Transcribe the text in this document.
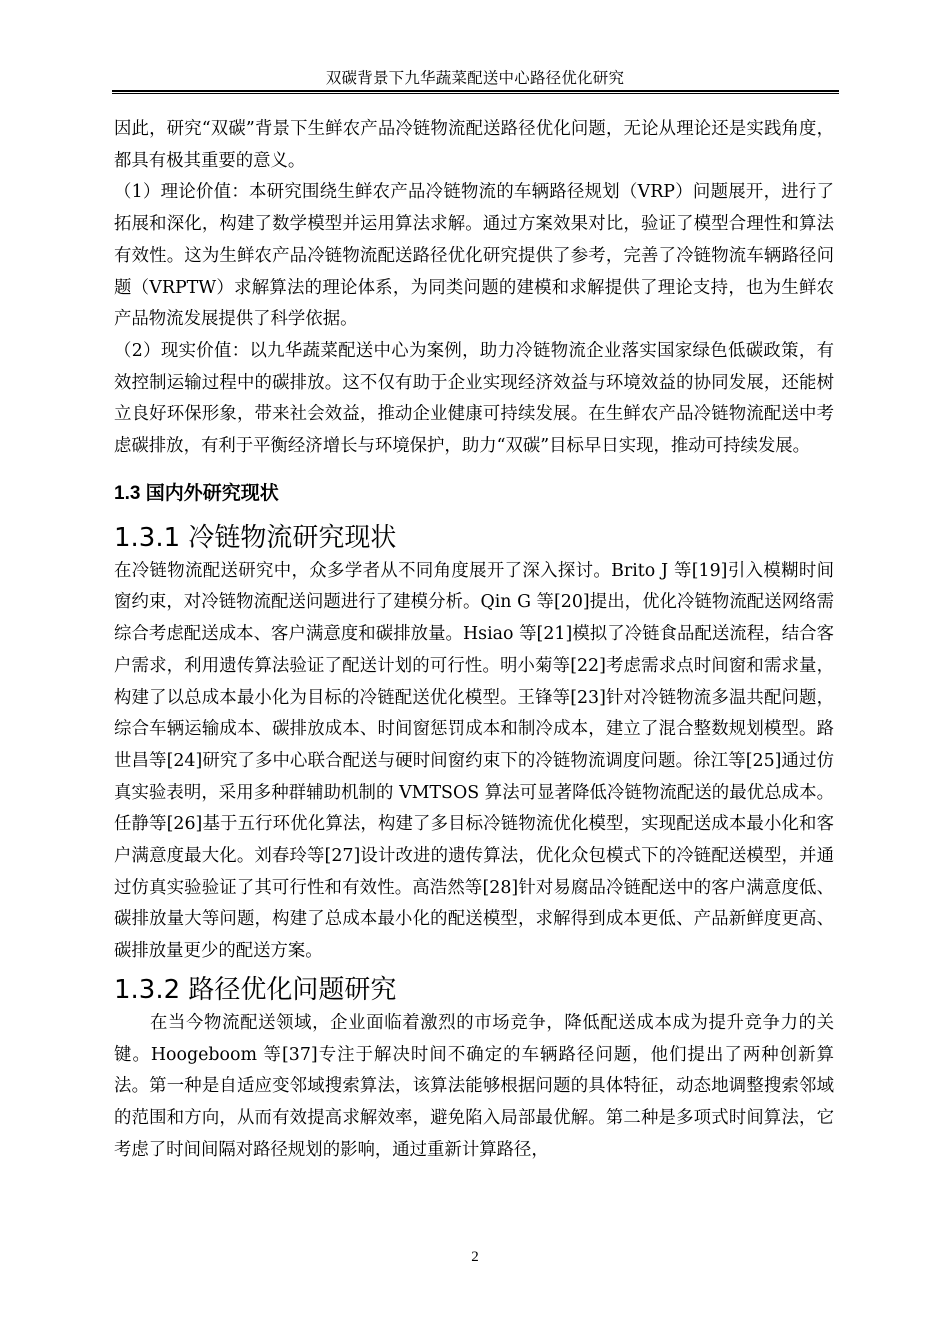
双碳背景下九华蔬菜配送中心路径优化研究

因此，研究“双碳”背景下生鲜农产品冷链物流配送路径优化问题，无论从理论还是实践角度，都具有极其重要的意义。

（1）理论价值：本研究围绕生鲜农产品冷链物流的车辆路径规划（VRP）问题展开，进行了拓展和深化，构建了数学模型并运用算法求解。通过方案效果对比，验证了模型合理性和算法有效性。这为生鲜农产品冷链物流配送路径优化研究提供了参考，完善了冷链物流车辆路径问题（VRPTW）求解算法的理论体系，为同类问题的建模和求解提供了理论支持，也为生鲜农产品物流发展提供了科学依据。

（2）现实价值：以九华蔬菜配送中心为案例，助力冷链物流企业落实国家绿色低碳政策，有效控制运输过程中的碳排放。这不仅有助于企业实现经济效益与环境效益的协同发展，还能树立良好环保形象，带来社会效益，推动企业健康可持续发展。在生鲜农产品冷链物流配送中考虑碳排放，有利于平衡经济增长与环境保护，助力“双碳”目标早日实现，推动可持续发展。

1.3 国内外研究现状
1.3.1 冷链物流研究现状

在冷链物流配送研究中，众多学者从不同角度展开了深入探讨。Brito J 等[19]引入模糊时间窗约束，对冷链物流配送问题进行了建模分析。Qin G 等[20]提出，优化冷链物流配送网络需综合考虑配送成本、客户满意度和碳排放量。Hsiao 等[21]模拟了冷链食品配送流程，结合客户需求，利用遗传算法验证了配送计划的可行性。明小菊等[22]考虑需求点时间窗和需求量，构建了以总成本最小化为目标的冷链配送优化模型。王锋等[23]针对冷链物流多温共配问题，综合车辆运输成本、碳排放成本、时间窗惩罚成本和制冷成本，建立了混合整数规划模型。路世昌等[24]研究了多中心联合配送与硬时间窗约束下的冷链物流调度问题。徐江等[25]通过仿真实验表明，采用多种群辅助机制的 VMTSOS 算法可显著降低冷链物流配送的最优总成本。任静等[26]基于五行环优化算法，构建了多目标冷链物流优化模型，实现配送成本最小化和客户满意度最大化。刘春玲等[27]设计改进的遗传算法，优化众包模式下的冷链配送模型，并通过仿真实验验证了其可行性和有效性。高浩然等[28]针对易腐品冷链配送中的客户满意度低、碳排放量大等问题，构建了总成本最小化的配送模型，求解得到成本更低、产品新鲜度更高、碳排放量更少的配送方案。

1.3.2 路径优化问题研究

在当今物流配送领域，企业面临着激烈的市场竞争，降低配送成本成为提升竞争力的关键。Hoogeboom 等[37]专注于解决时间不确定的车辆路径问题，他们提出了两种创新算法。第一种是自适应变邻域搜索算法，该算法能够根据问题的具体特征，动态地调整搜索邻域的范围和方向，从而有效提高求解效率，避免陷入局部最优解。第二种是多项式时间算法，它考虑了时间间隔对路径规划的影响，通过重新计算路径，

2
